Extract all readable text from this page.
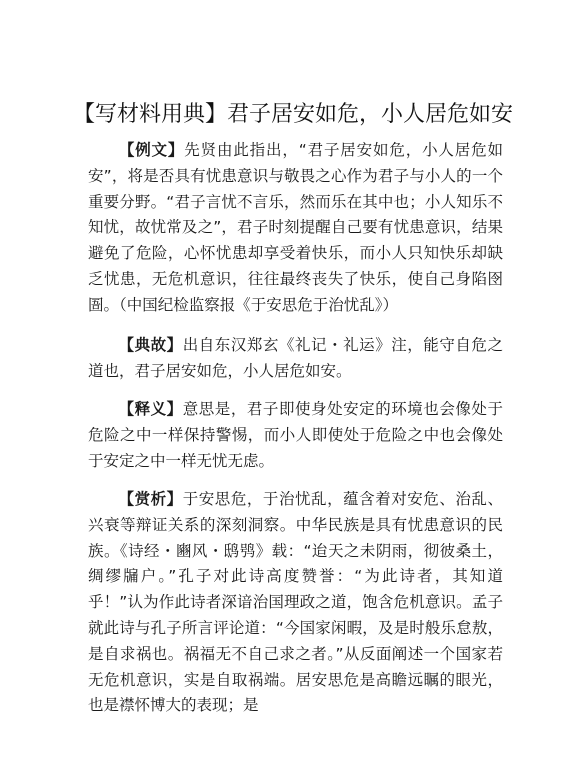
【写材料用典】君子居安如危，小人居危如安

【例文】先贤由此指出，“君子居安如危，小人居危如安”，将是否具有忧患意识与敬畏之心作为君子与小人的一个重要分野。“君子言忧不言乐，然而乐在其中也；小人知乐不知忧，故忧常及之”，君子时刻提醒自己要有忧患意识，结果避免了危险，心怀忧患却享受着快乐，而小人只知快乐却缺乏忧患，无危机意识，往往最终丧失了快乐，使自己身陷囹圄。（中国纪检监察报《于安思危于治忧乱》）

【典故】出自东汉郑玄《礼记・礼运》注，能守自危之道也，君子居安如危，小人居危如安。

【释义】意思是，君子即使身处安定的环境也会像处于危险之中一样保持警惕，而小人即使处于危险之中也会像处于安定之中一样无忧无虑。

【赏析】于安思危，于治忧乱，蕴含着对安危、治乱、兴衰等辩证关系的深刻洞察。中华民族是具有忧患意识的民族。《诗经・豳风・鸱鸮》载：“迨天之未阴雨，彻彼桑土，绸缪牖户。”孔子对此诗高度赞誉：“为此诗者，其知道乎！”认为作此诗者深谙治国理政之道，饱含危机意识。孟子就此诗与孔子所言评论道：“今国家闲暇，及是时般乐怠敖，是自求祸也。祸福无不自己求之者。”从反面阐述一个国家若无危机意识，实是自取祸端。居安思危是高瞻远瞩的眼光，也是襟怀博大的表现；是
